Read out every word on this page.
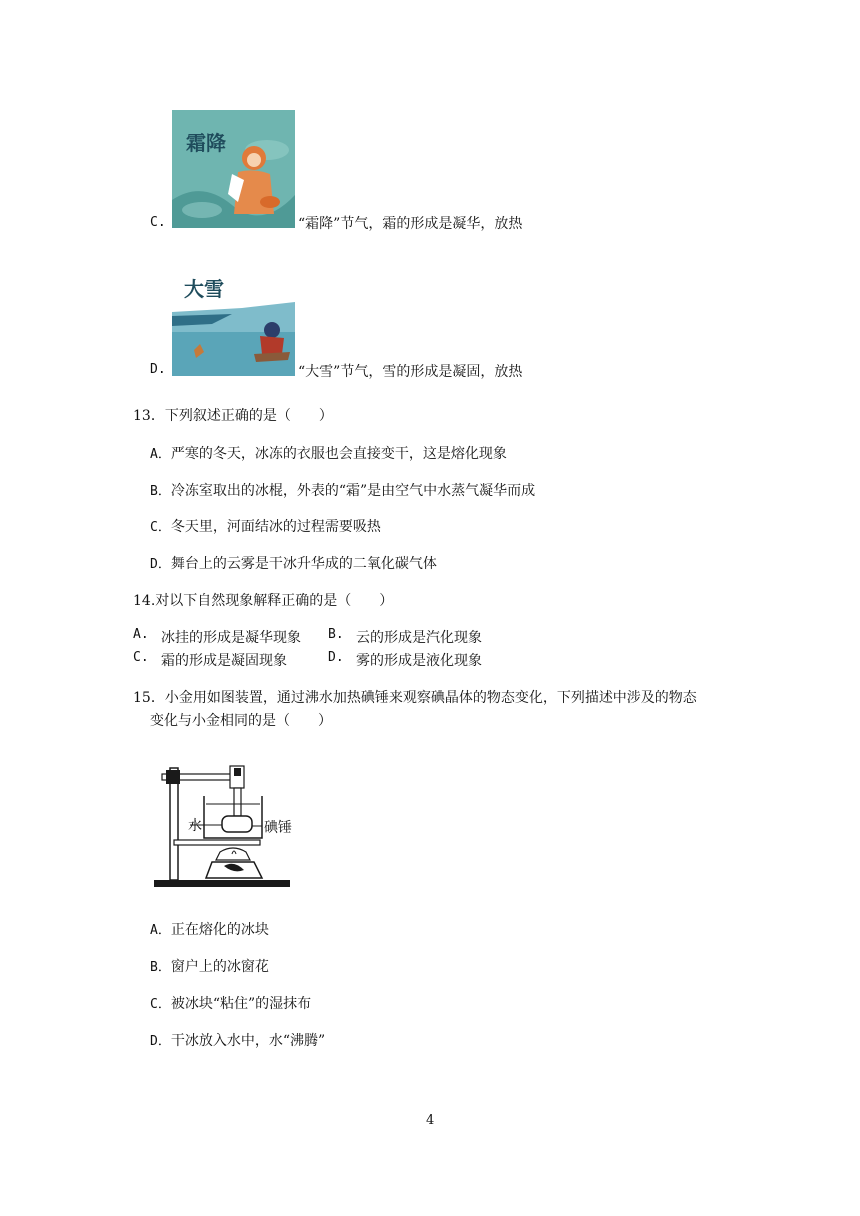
C.
霜降
“霜降”节气，霜的形成是凝华，放热
D.
大雪
“大雪”节气，雪的形成是凝固，放热
13．下列叙述正确的是（　　）
A．严寒的冬天，冰冻的衣服也会直接变干，这是熔化现象
B．冷冻室取出的冰棍，外表的“霜”是由空气中水蒸气凝华而成
C．冬天里，河面结冰的过程需要吸热
D．舞台上的云雾是干冰升华成的二氧化碳气体
14.对以下自然现象解释正确的是（　　）
A. 冰挂的形成是凝华现象 B. 云的形成是汽化现象
C. 霜的形成是凝固现象	D. 雾的形成是液化现象
15．小金用如图装置，通过沸水加热碘锤来观察碘晶体的物态变化，下列描述中涉及的物态
变化与小金相同的是（　　）
水	碘锤
A．正在熔化的冰块
B．窗户上的冰窗花
C．被冰块“粘住”的湿抹布
D．干冰放入水中，水“沸腾”
4
